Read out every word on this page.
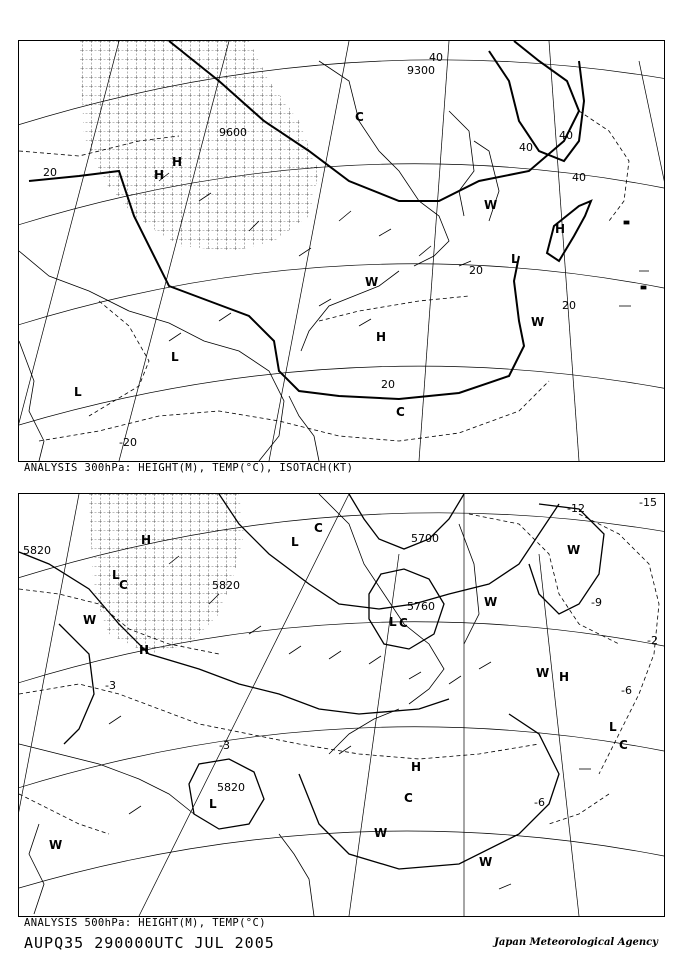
9300
9600
20
20
20
20
40
40
40
40
-20
H
H
L
L
L
C
C
W
W
H
H
W
ANALYSIS 300hPa: HEIGHT(M), TEMP(°C), ISOTACH(KT)
5820
5820
5820
5700
5760
-15
-12
-9
-6
-3
-3
-6
-2
H
H
L
L
L
L
C
C
C
C
W
W
W
W
H
H
W
W
L
W
C
ANALYSIS 500hPa: HEIGHT(M), TEMP(°C)
AUPQ35 290000UTC JUL 2005	Japan Meteorological Agency
